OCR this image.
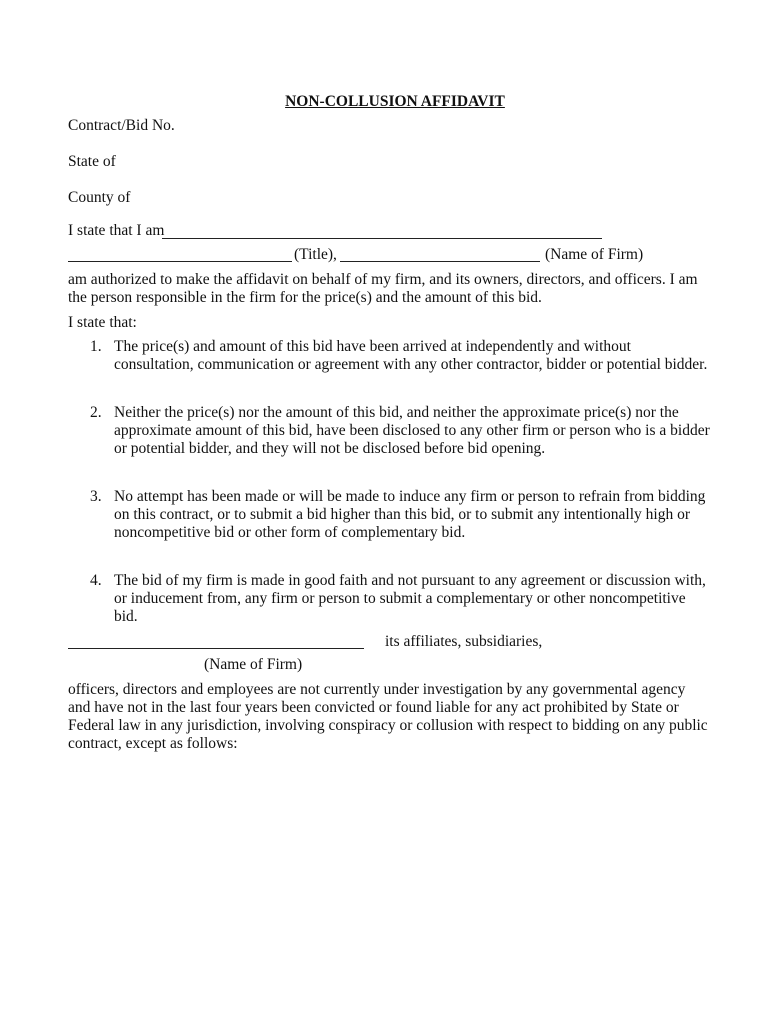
NON-COLLUSION AFFIDAVIT
Contract/Bid No.
State of
County of
I state that I am
(Title),	(Name of Firm)
am authorized to make the affidavit on behalf of my firm, and its owners, directors, and officers. I am the person responsible in the firm for the price(s) and the amount of this bid.
I state that:
1. The price(s) and amount of this bid have been arrived at independently and without consultation, communication or agreement with any other contractor, bidder or potential bidder.
2. Neither the price(s) nor the amount of this bid, and neither the approximate price(s) nor the approximate amount of this bid, have been disclosed to any other firm or person who is a bidder or potential bidder, and they will not be disclosed before bid opening.
3. No attempt has been made or will be made to induce any firm or person to refrain from bidding on this contract, or to submit a bid higher than this bid, or to submit any intentionally high or noncompetitive bid or other form of complementary bid.
4. The bid of my firm is made in good faith and not pursuant to any agreement or discussion with, or inducement from, any firm or person to submit a complementary or other noncompetitive bid.
its affiliates, subsidiaries,
(Name of Firm)
officers, directors and employees are not currently under investigation by any governmental agency and have not in the last four years been convicted or found liable for any act prohibited by State or Federal law in any jurisdiction, involving conspiracy or collusion with respect to bidding on any public contract, except as follows:
